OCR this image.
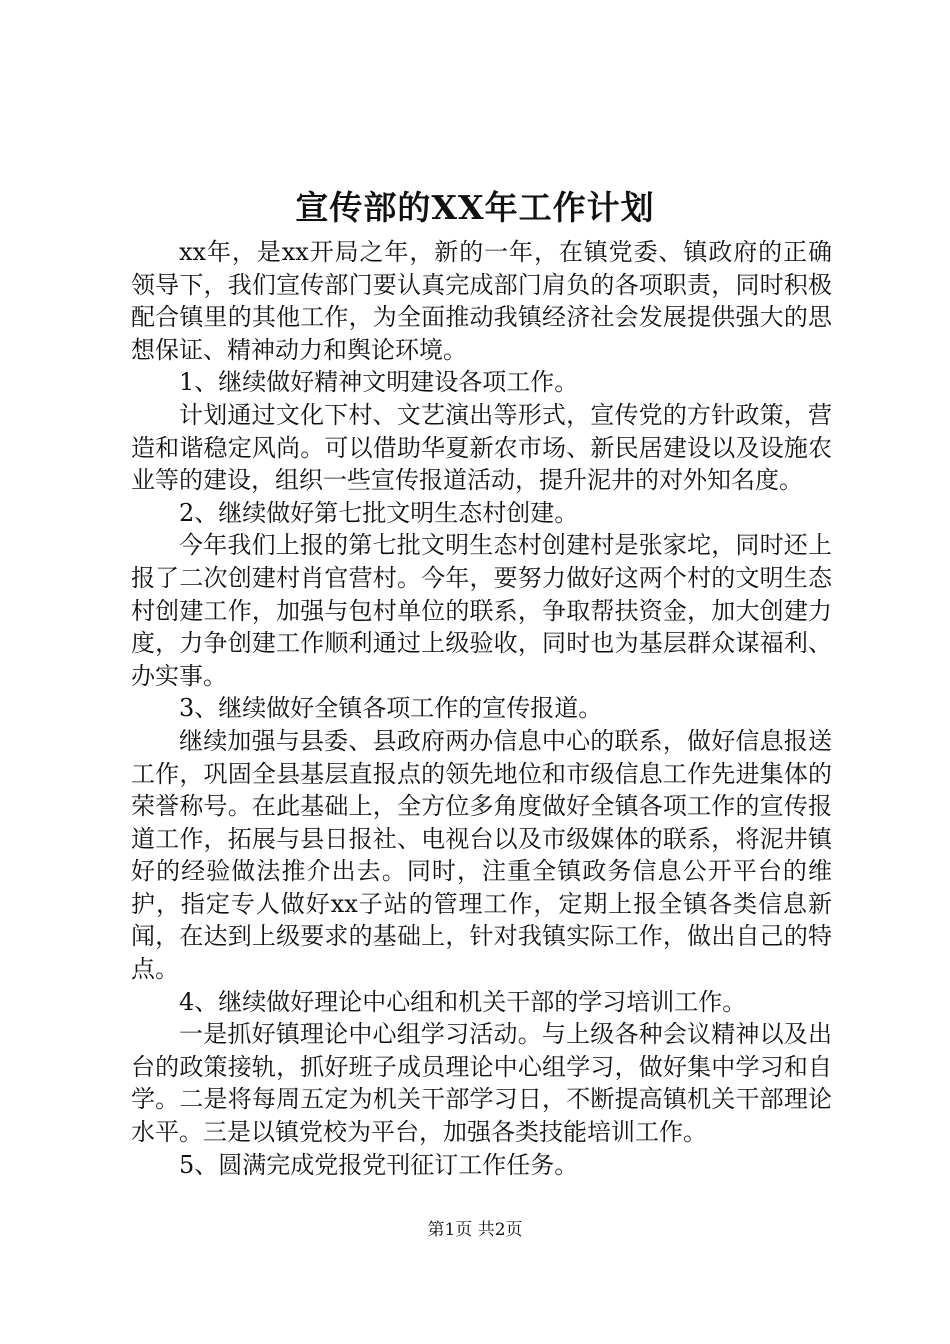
宣传部的XX年工作计划

xx年，是xx开局之年，新的一年，在镇党委、镇政府的正确领导下，我们宣传部门要认真完成部门肩负的各项职责，同时积极配合镇里的其他工作，为全面推动我镇经济社会发展提供强大的思想保证、精神动力和舆论环境。

1、继续做好精神文明建设各项工作。

计划通过文化下村、文艺演出等形式，宣传党的方针政策，营造和谐稳定风尚。可以借助华夏新农市场、新民居建设以及设施农业等的建设，组织一些宣传报道活动，提升泥井的对外知名度。

2、继续做好第七批文明生态村创建。

今年我们上报的第七批文明生态村创建村是张家坨，同时还上报了二次创建村肖官营村。今年，要努力做好这两个村的文明生态村创建工作，加强与包村单位的联系，争取帮扶资金，加大创建力度，力争创建工作顺利通过上级验收，同时也为基层群众谋福利、办实事。

3、继续做好全镇各项工作的宣传报道。

继续加强与县委、县政府两办信息中心的联系，做好信息报送工作，巩固全县基层直报点的领先地位和市级信息工作先进集体的荣誉称号。在此基础上，全方位多角度做好全镇各项工作的宣传报道工作，拓展与县日报社、电视台以及市级媒体的联系，将泥井镇好的经验做法推介出去。同时，注重全镇政务信息公开平台的维护，指定专人做好xx子站的管理工作，定期上报全镇各类信息新闻，在达到上级要求的基础上，针对我镇实际工作，做出自己的特点。

4、继续做好理论中心组和机关干部的学习培训工作。

一是抓好镇理论中心组学习活动。与上级各种会议精神以及出台的政策接轨，抓好班子成员理论中心组学习，做好集中学习和自学。二是将每周五定为机关干部学习日，不断提高镇机关干部理论水平。三是以镇党校为平台，加强各类技能培训工作。

5、圆满完成党报党刊征订工作任务。

第1页 共2页
